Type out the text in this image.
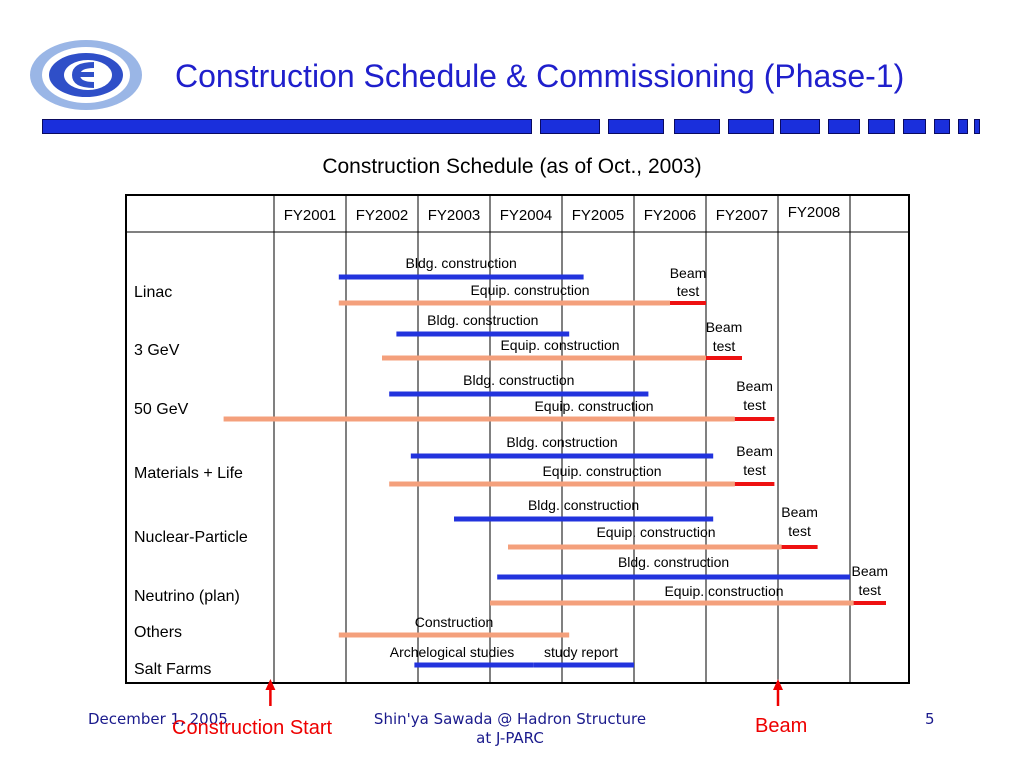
Construction Schedule & Commissioning (Phase-1)
Construction Schedule (as of Oct., 2003)
FY2001 FY2002 FY2003 FY2004 FY2005 FY2006 FY2007 FY2008
Linac
Bldg. construction
Equip. construction
Beam
test
3 GeV
Bldg. construction
Equip. construction
Beam
test
50 GeV
Bldg. construction
Equip. construction
Beam
test
Materials + Life
Bldg. construction
Equip. construction
Beam
test
Nuclear-Particle
Bldg. construction
Equip. construction
Beam
test
Neutrino (plan)
Bldg. construction
Equip. construction
Beam
test
Others
Construction
Salt Farms
Archelogical studies study report
December 1, 2005
Construction Start	Shin'ya Sawada @ Hadron Structure
at J-PARC
Beam	5
